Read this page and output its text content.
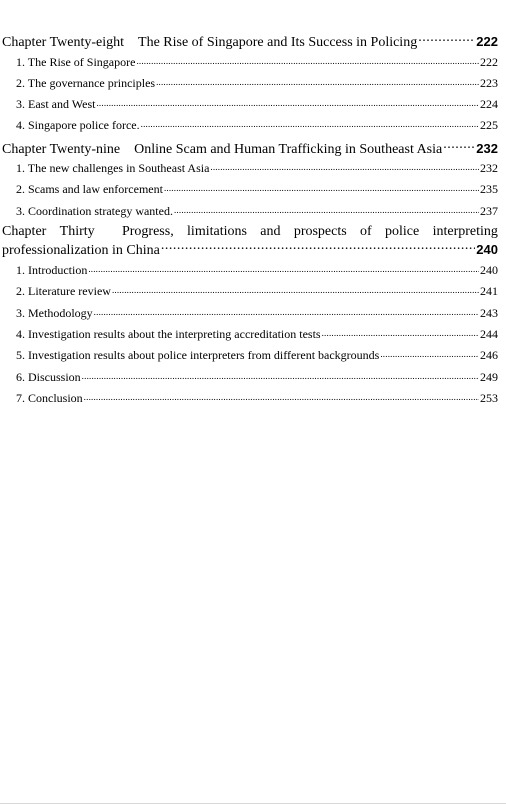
Chapter Twenty-eight The Rise of Singapore and Its Success in Policing .....	222
1. The Rise of Singapore .....	222
2. The governance principles .....	223
3. East and West .....	224
4. Singapore police force. .....	225
Chapter Twenty-nine Online Scam and Human Trafficking in Southeast Asia .....	232
1. The new challenges in Southeast Asia .....	232
2. Scams and law enforcement .....	235
3. Coordination strategy wanted. .....	237
Chapter Thirty Progress, limitations and prospects of police interpreting
professionalization in China .....	240
1. Introduction .....	240
2. Literature review .....	241
3. Methodology .....	243
4. Investigation results about the interpreting accreditation tests .....	244
5. Investigation results about police interpreters from different backgrounds .....	246
6. Discussion .....	249
7. Conclusion .....	253
